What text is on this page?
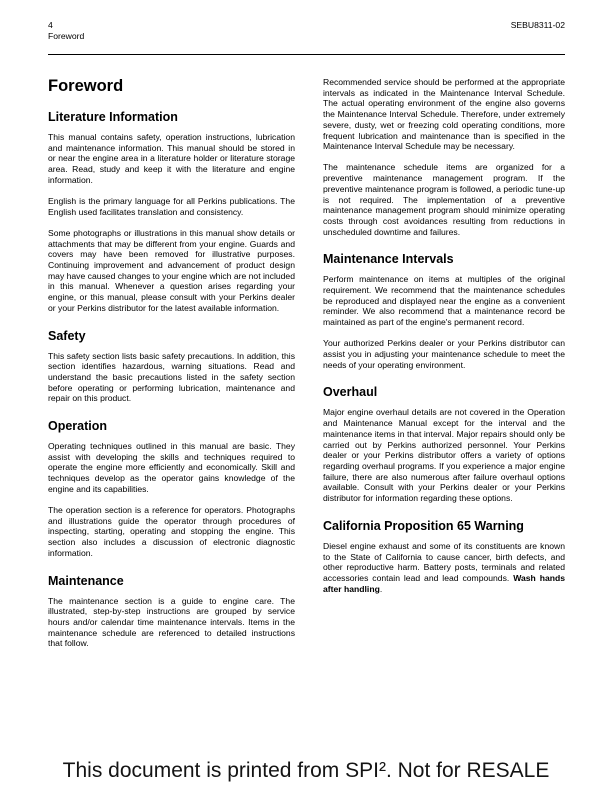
4
Foreword
SEBU8311-02
Foreword
Literature Information

This manual contains safety, operation instructions, lubrication and maintenance information. This manual should be stored in or near the engine area in a literature holder or literature storage area. Read, study and keep it with the literature and engine information.

English is the primary language for all Perkins publications. The English used facilitates translation and consistency.

Some photographs or illustrations in this manual show details or attachments that may be different from your engine. Guards and covers may have been removed for illustrative purposes. Continuing improvement and advancement of product design may have caused changes to your engine which are not included in this manual. Whenever a question arises regarding your engine, or this manual, please consult with your Perkins dealer or your Perkins distributor for the latest available information.

Safety

This safety section lists basic safety precautions. In addition, this section identifies hazardous, warning situations. Read and understand the basic precautions listed in the safety section before operating or performing lubrication, maintenance and repair on this product.

Operation

Operating techniques outlined in this manual are basic. They assist with developing the skills and techniques required to operate the engine more efficiently and economically. Skill and techniques develop as the operator gains knowledge of the engine and its capabilities.

The operation section is a reference for operators. Photographs and illustrations guide the operator through procedures of inspecting, starting, operating and stopping the engine. This section also includes a discussion of electronic diagnostic information.

Maintenance

The maintenance section is a guide to engine care. The illustrated, step-by-step instructions are grouped by service hours and/or calendar time maintenance intervals. Items in the maintenance schedule are referenced to detailed instructions that follow.

Recommended service should be performed at the appropriate intervals as indicated in the Maintenance Interval Schedule. The actual operating environment of the engine also governs the Maintenance Interval Schedule. Therefore, under extremely severe, dusty, wet or freezing cold operating conditions, more frequent lubrication and maintenance than is specified in the Maintenance Interval Schedule may be necessary.

The maintenance schedule items are organized for a preventive maintenance management program. If the preventive maintenance program is followed, a periodic tune-up is not required. The implementation of a preventive maintenance management program should minimize operating costs through cost avoidances resulting from reductions in unscheduled downtime and failures.

Maintenance Intervals

Perform maintenance on items at multiples of the original requirement. We recommend that the maintenance schedules be reproduced and displayed near the engine as a convenient reminder. We also recommend that a maintenance record be maintained as part of the engine's permanent record.

Your authorized Perkins dealer or your Perkins distributor can assist you in adjusting your maintenance schedule to meet the needs of your operating environment.

Overhaul

Major engine overhaul details are not covered in the Operation and Maintenance Manual except for the interval and the maintenance items in that interval. Major repairs should only be carried out by Perkins authorized personnel. Your Perkins dealer or your Perkins distributor offers a variety of options regarding overhaul programs. If you experience a major engine failure, there are also numerous after failure overhaul options available. Consult with your Perkins dealer or your Perkins distributor for information regarding these options.

California Proposition 65 Warning

Diesel engine exhaust and some of its constituents are known to the State of California to cause cancer, birth defects, and other reproductive harm. Battery posts, terminals and related accessories contain lead and lead compounds. Wash hands after handling.

This document is printed from SPI². Not for RESALE
